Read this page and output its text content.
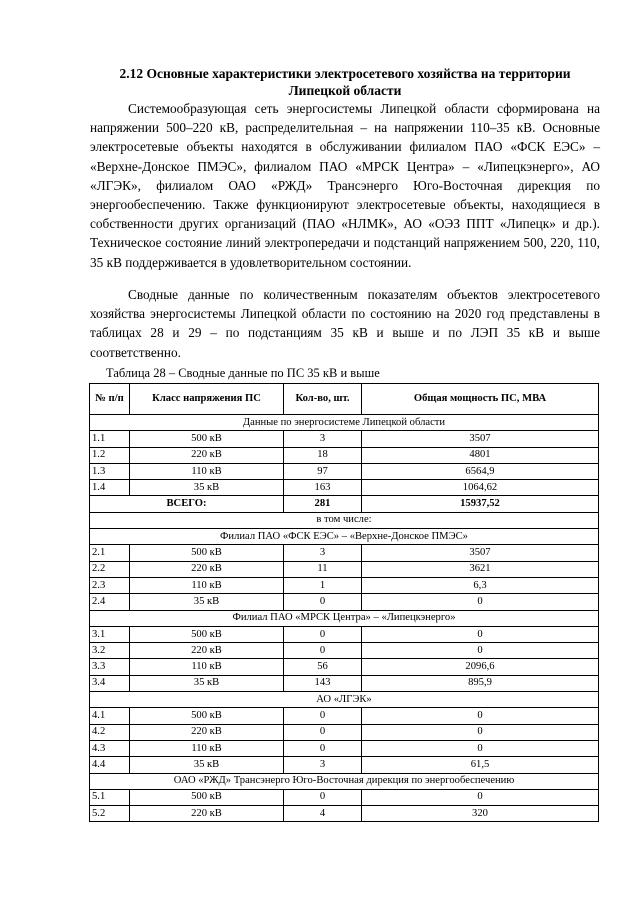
2.12 Основные характеристики электросетевого хозяйства на территории Липецкой области

Системообразующая сеть энергосистемы Липецкой области сформирована на напряжении 500–220 кВ, распределительная – на напряжении 110–35 кВ. Основные электросетевые объекты находятся в обслуживании филиалом ПАО «ФСК ЕЭС» – «Верхне-Донское ПМЭС», филиалом ПАО «МРСК Центра» – «Липецкэнерго», АО «ЛГЭК», филиалом ОАО «РЖД» Трансэнерго Юго-Восточная дирекция по энергообеспечению. Также функционируют электросетевые объекты, находящиеся в собственности других организаций (ПАО «НЛМК», АО «ОЭЗ ППТ «Липецк» и др.). Техническое состояние линий электропередачи и подстанций напряжением 500, 220, 110, 35 кВ поддерживается в удовлетворительном состоянии.

Сводные данные по количественным показателям объектов электросетевого хозяйства энергосистемы Липецкой области по состоянию на 2020 год представлены в таблицах 28 и 29 – по подстанциям 35 кВ и выше и по ЛЭП 35 кВ и выше соответственно.

Таблица 28 – Сводные данные по ПС 35 кВ и выше
№ п/п	Класс напряжения ПС	Кол-во, шт.	Общая мощность ПС, МВА
Данные по энергосистеме Липецкой области			
1.1	500 кВ	3	3507
1.2	220 кВ	18	4801
1.3	110 кВ	97	6564,9
1.4	35 кВ	163	1064,62
ВСЕГО:		281	15937,52
в том числе:			
Филиал ПАО «ФСК ЕЭС» – «Верхне-Донское ПМЭС»			
2.1	500 кВ	3	3507
2.2	220 кВ	11	3621
2.3	110 кВ	1	6,3
2.4	35 кВ	0	0
Филиал ПАО «МРСК Центра» – «Липецкэнерго»			
3.1	500 кВ	0	0
3.2	220 кВ	0	0
3.3	110 кВ	56	2096,6
3.4	35 кВ	143	895,9
АО «ЛГЭК»			
4.1	500 кВ	0	0
4.2	220 кВ	0	0
4.3	110 кВ	0	0
4.4	35 кВ	3	61,5
ОАО «РЖД» Трансэнерго Юго-Восточная дирекция по энергообеспечению			
5.1	500 кВ	0	0
5.2	220 кВ	4	320
